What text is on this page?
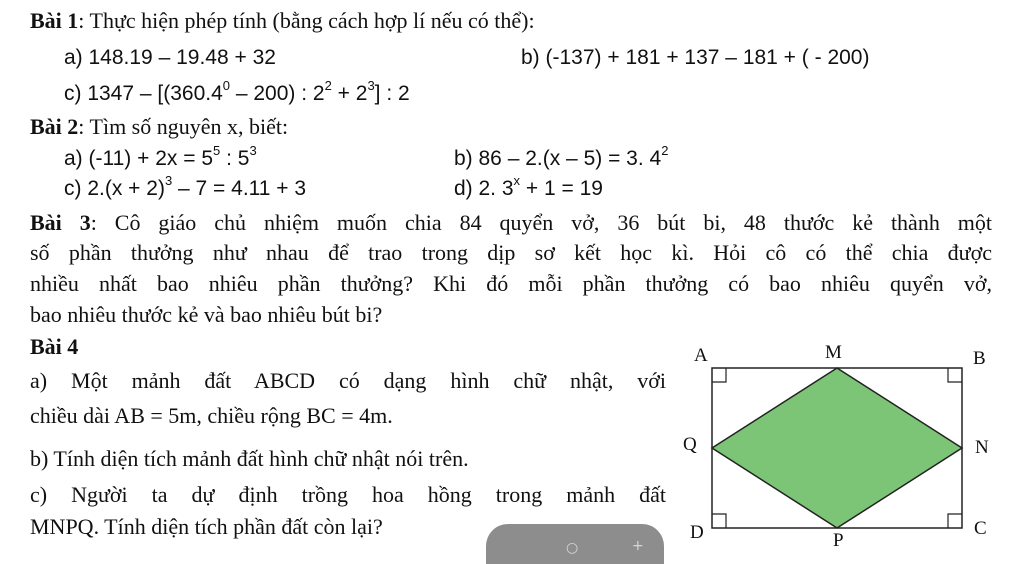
Bài 1: Thực hiện phép tính (bằng cách hợp lí nếu có thể):
a) 148.19 – 19.48 + 32	b) (-137) + 181 + 137 – 181 + ( - 200)
c) 1347 – [(360.4$^0$ – 200) : $2^2 + 2^3$] : 2
Bài 2: Tìm số nguyên x, biết:
a) $(-11) + 2x = 5^5$ : $5^3$	b) 86 – 2.(x – 5) = 3. $4^2$
c) $2.(x + 2)^3 - 7 = 4.11 + 3$	d) 2. $3^x + 1 = 19$
Bài 3: Cô giáo chủ nhiệm muốn chia 84 quyển vở, 36 bút bi, 48 thước kẻ thành một
số phần thưởng như nhau để trao trong dịp sơ kết học kì. Hỏi cô có thể chia được
nhiều nhất bao nhiêu phần thưởng? Khi đó mỗi phần thưởng có bao nhiêu quyển vở,
bao nhiêu thước kẻ và bao nhiêu bút bi?
Bài 4
a) Một mảnh đất ABCD có dạng hình chữ nhật, với
chiều dài AB = 5m, chiều rộng BC = 4m.
b) Tính diện tích mảnh đất hình chữ nhật nói trên.
c) Người ta dự định trồng hoa hồng trong mảnh đất
MNPQ. Tính diện tích phần đất còn lại?
A	M	B
Q	N
D	P
C
○	+
